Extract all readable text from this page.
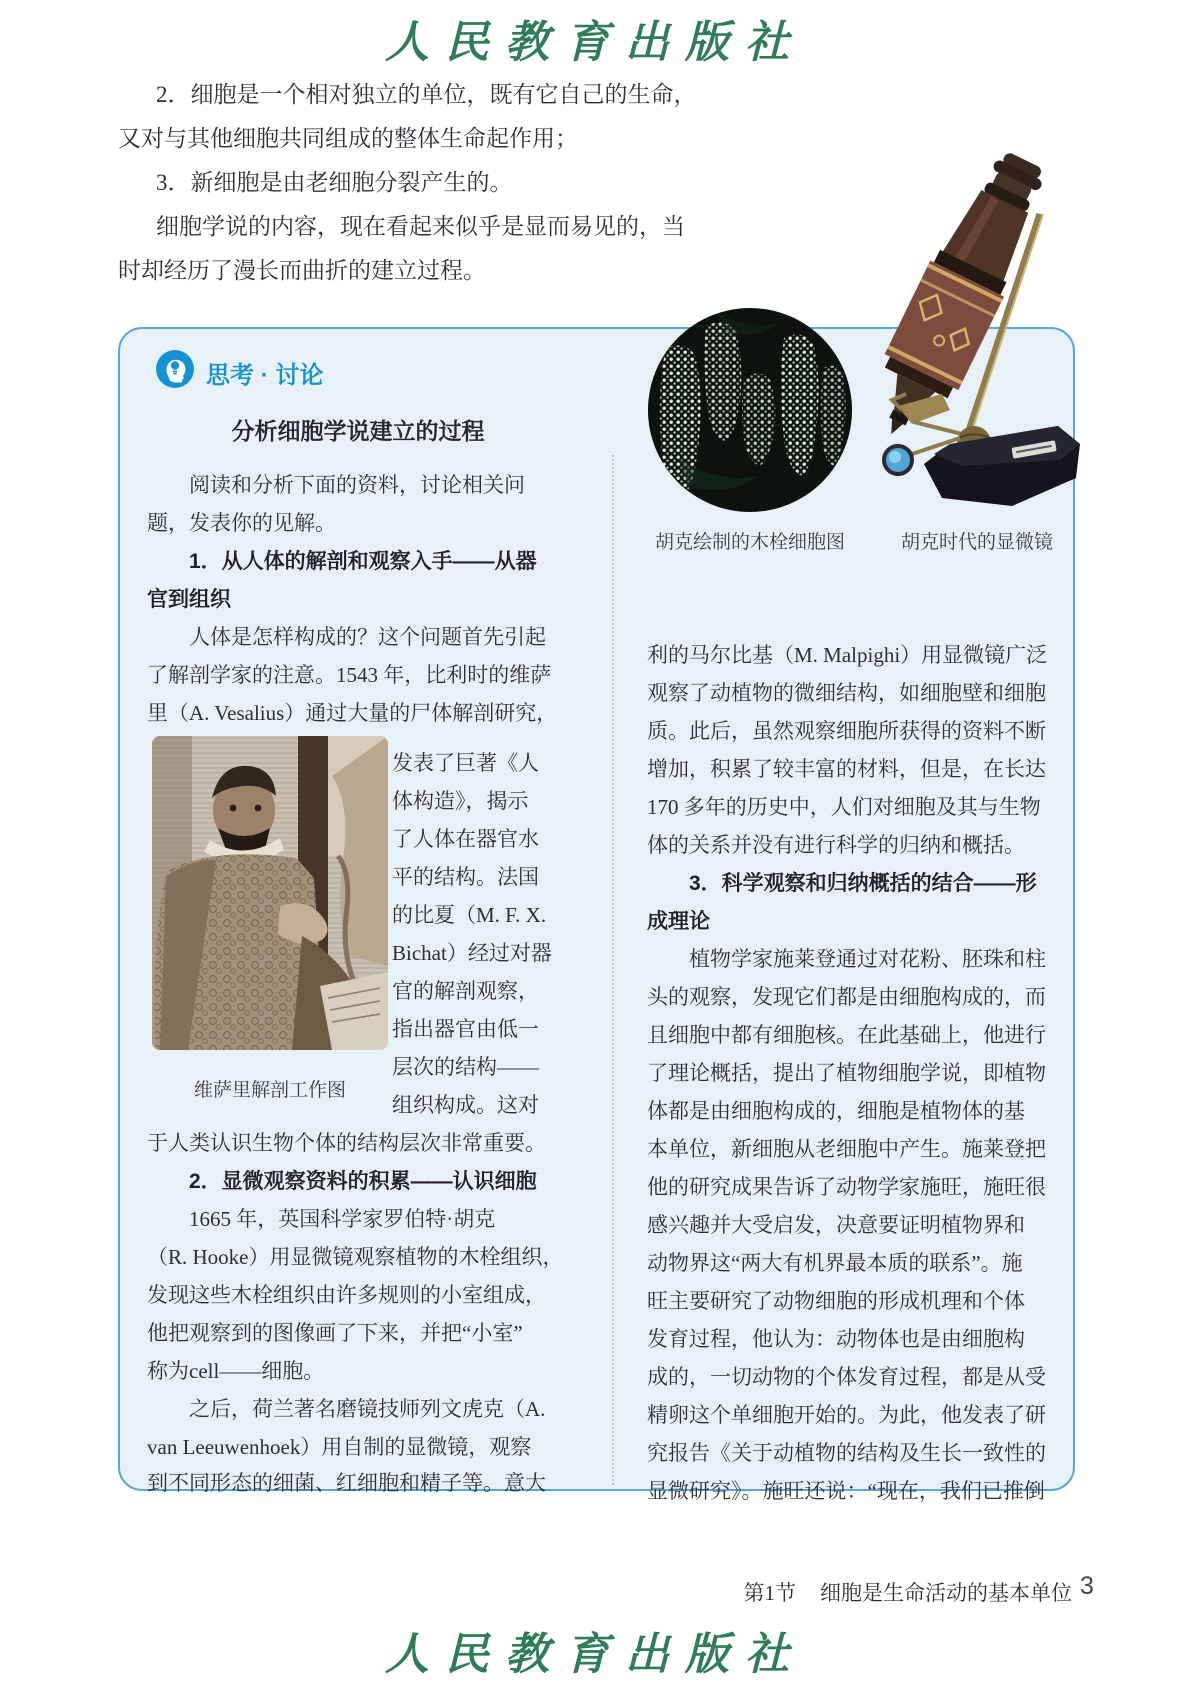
人民教育出版社
2．细胞是一个相对独立的单位，既有它自己的生命，
又对与其他细胞共同组成的整体生命起作用；
3．新细胞是由老细胞分裂产生的。
细胞学说的内容，现在看起来似乎是显而易见的，当
时却经历了漫长而曲折的建立过程。
思考 · 讨论
分析细胞学说建立的过程
阅读和分析下面的资料，讨论相关问
题，发表你的见解。
1．从人体的解剖和观察入手——从器
官到组织
人体是怎样构成的？这个问题首先引起
了解剖学家的注意。1543 年，比利时的维萨
里（A. Vesalius）通过大量的尸体解剖研究，
维萨里解剖工作图
发表了巨著《人
体构造》，揭示
了人体在器官水
平的结构。法国
的比夏（M. F. X.
Bichat）经过对器
官的解剖观察，
指出器官由低一
层次的结构——
组织构成。这对
于人类认识生物个体的结构层次非常重要。
2．显微观察资料的积累——认识细胞
1665 年，英国科学家罗伯特·胡克
（R. Hooke）用显微镜观察植物的木栓组织，
发现这些木栓组织由许多规则的小室组成，
他把观察到的图像画了下来，并把“小室”
称为cell——细胞。
之后，荷兰著名磨镜技师列文虎克（A.
van Leeuwenhoek）用自制的显微镜，观察
到不同形态的细菌、红细胞和精子等。意大
胡克绘制的木栓细胞图	胡克时代的显微镜
利的马尔比基（M. Malpighi）用显微镜广泛
观察了动植物的微细结构，如细胞壁和细胞
质。此后，虽然观察细胞所获得的资料不断
增加，积累了较丰富的材料，但是，在长达
170 多年的历史中，人们对细胞及其与生物
体的关系并没有进行科学的归纳和概括。
3．科学观察和归纳概括的结合——形
成理论
植物学家施莱登通过对花粉、胚珠和柱
头的观察，发现它们都是由细胞构成的，而
且细胞中都有细胞核。在此基础上，他进行
了理论概括，提出了植物细胞学说，即植物
体都是由细胞构成的，细胞是植物体的基
本单位，新细胞从老细胞中产生。施莱登把
他的研究成果告诉了动物学家施旺，施旺很
感兴趣并大受启发，决意要证明植物界和
动物界这“两大有机界最本质的联系”。施
旺主要研究了动物细胞的形成机理和个体
发育过程，他认为：动物体也是由细胞构
成的，一切动物的个体发育过程，都是从受
精卵这个单细胞开始的。为此，他发表了研
究报告《关于动植物的结构及生长一致性的
显微研究》。施旺还说：“现在，我们已推倒
第1节 细胞是生命活动的基本单位 3
人民教育出版社
